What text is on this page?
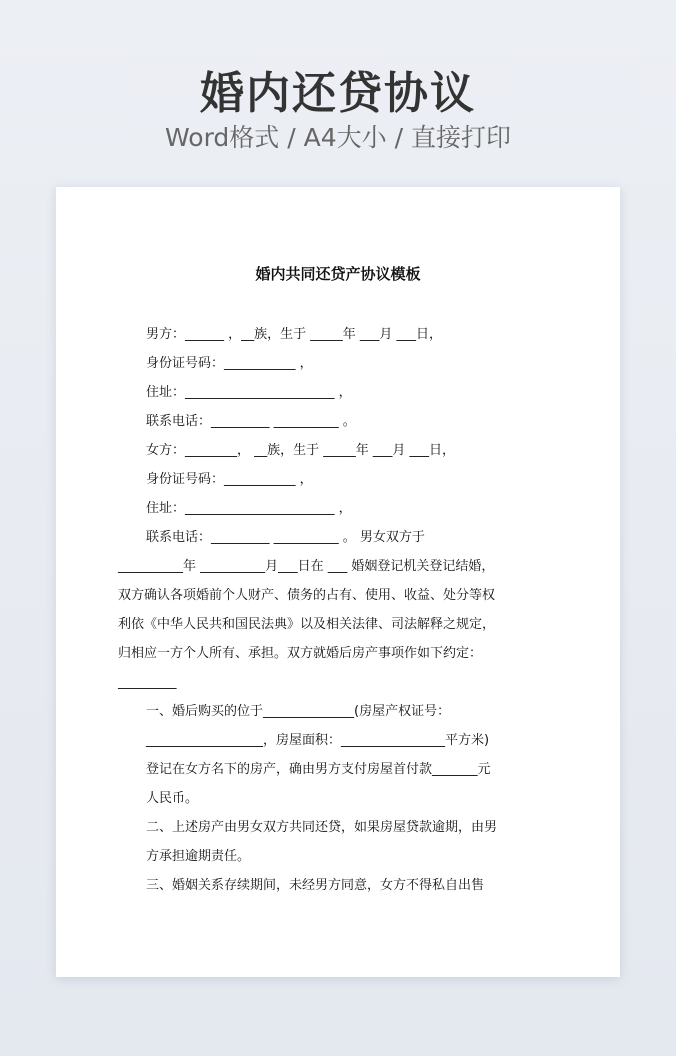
婚内还贷协议
Word格式 / A4大小 / 直接打印
婚内共同还贷产协议模板
男方：______ ，__族，生于 _____年 ___月 ___日，
身份证号码：___________ ，
住址：_______________________ ，
联系电话：_________ __________ 。
女方：________， __族，生于 _____年 ___月 ___日，
身份证号码：___________ ，
住址：_______________________ ，
联系电话：_________ __________ 。 男女双方于

__________年 __________月___日在 ___ 婚姻登记机关登记结婚，双方确认各项婚前个人财产、债务的占有、使用、收益、处分等权利依《中华人民共和国民法典》以及相关法律、司法解释之规定，归相应一方个人所有、承担。双方就婚后房产事项作如下约定：_________

一、婚后购买的位于______________(房屋产权证号：__________________，房屋面积：________________平方米)登记在女方名下的房产，确由男方支付房屋首付款_______元人民币。

二、上述房产由男女双方共同还贷，如果房屋贷款逾期，由男方承担逾期责任。

三、婚姻关系存续期间，未经男方同意，女方不得私自出售
